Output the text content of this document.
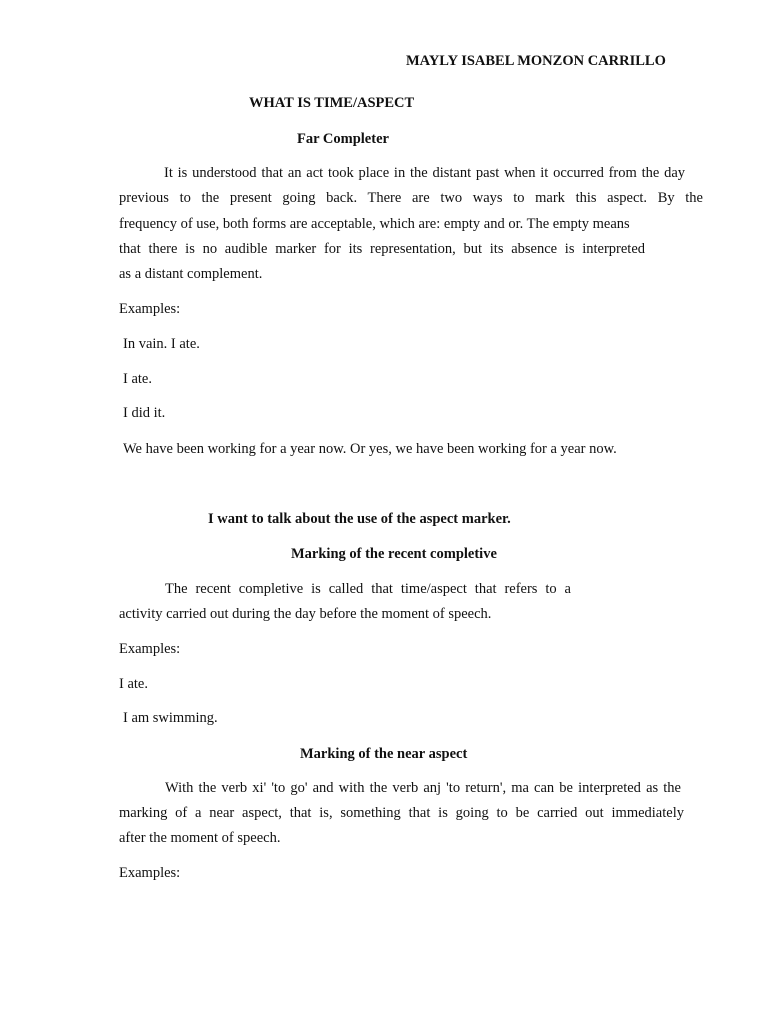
MAYLY ISABEL MONZON CARRILLO
WHAT IS TIME/ASPECT
Far Completer
It is understood that an act took place in the distant past when it occurred from the day
previous to the present going back. There are two ways to mark this aspect. By the
frequency of use, both forms are acceptable, which are: empty and or. The empty means
that there is no audible marker for its representation, but its absence is interpreted
as a distant complement.
Examples:
In vain. I ate.
I ate.
I did it.
We have been working for a year now. Or yes, we have been working for a year now.
I want to talk about the use of the aspect marker.
Marking of the recent completive
The recent completive is called that time/aspect that refers to a
activity carried out during the day before the moment of speech.
Examples:
I ate.
I am swimming.
Marking of the near aspect
With the verb xi' 'to go' and with the verb anj 'to return', ma can be interpreted as the
marking of a near aspect, that is, something that is going to be carried out immediately
after the moment of speech.
Examples:
